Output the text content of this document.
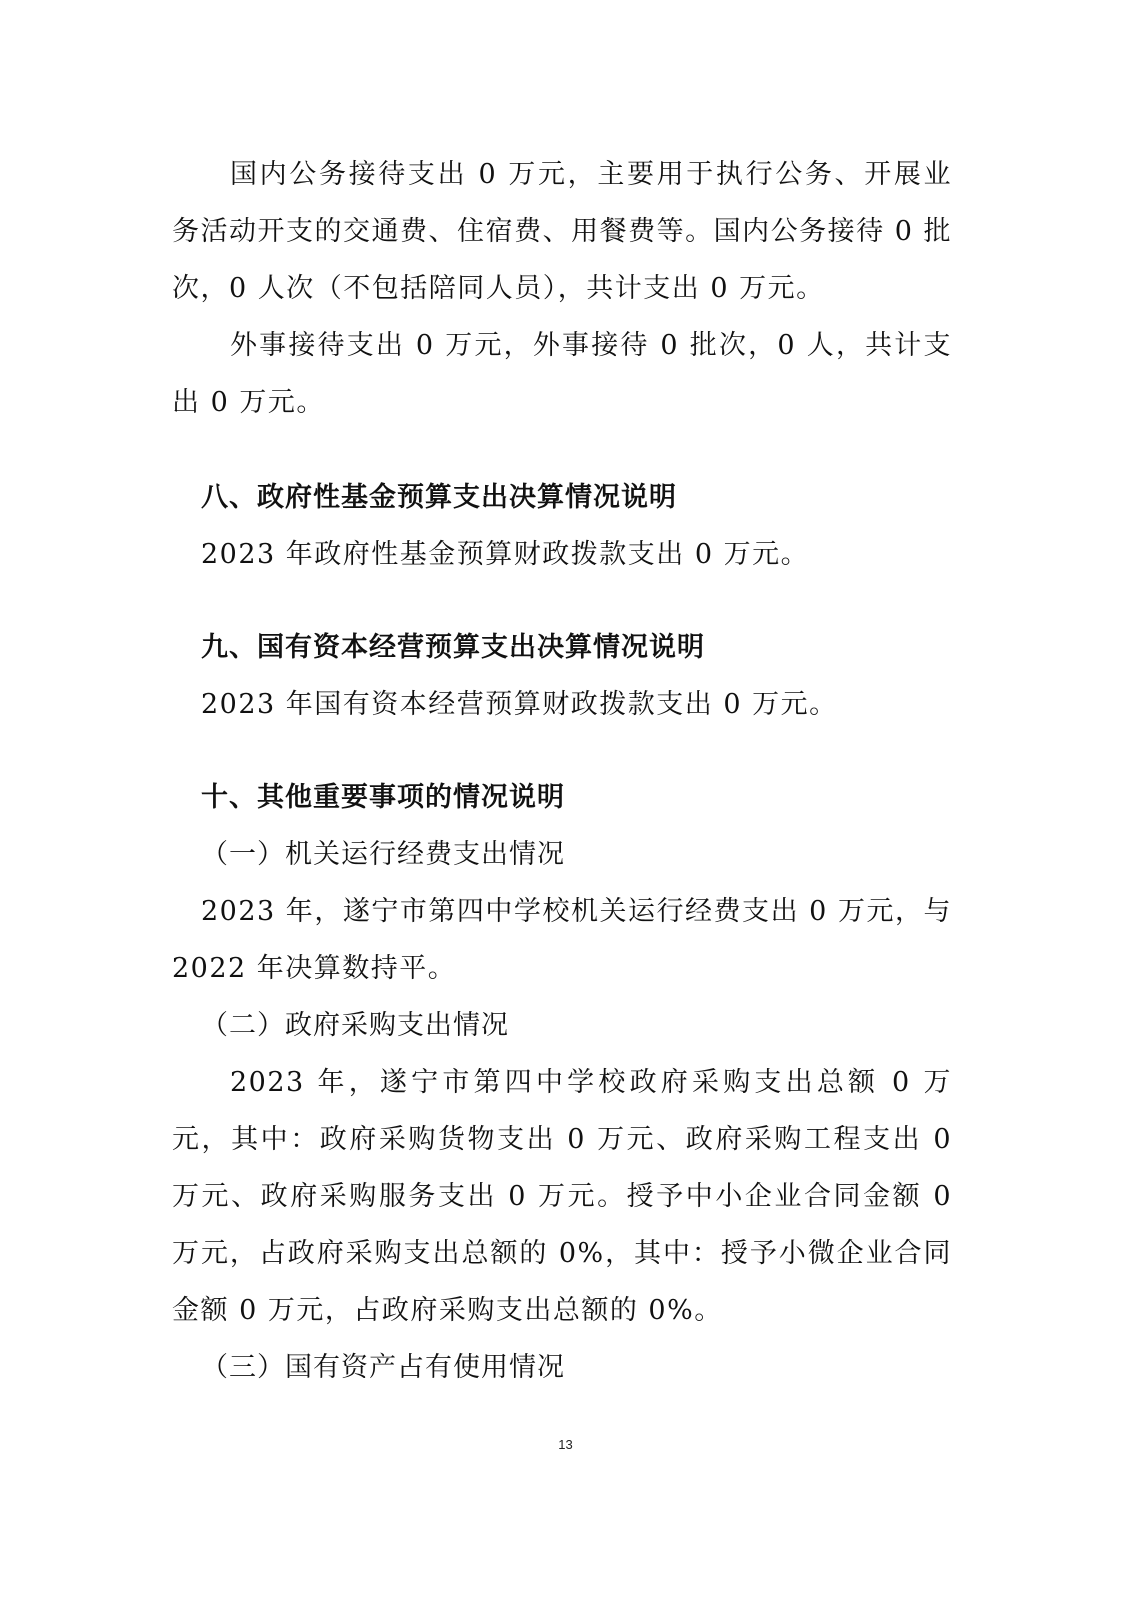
国内公务接待支出 0 万元，主要用于执行公务、开展业务活动开支的交通费、住宿费、用餐费等。国内公务接待 0 批次，0 人次（不包括陪同人员），共计支出 0 万元。

外事接待支出 0 万元，外事接待 0 批次，0 人，共计支出 0 万元。

八、政府性基金预算支出决算情况说明

2023 年政府性基金预算财政拨款支出 0 万元。

九、国有资本经营预算支出决算情况说明

2023 年国有资本经营预算财政拨款支出 0 万元。

十、其他重要事项的情况说明
（一）机关运行经费支出情况

2023 年，遂宁市第四中学校机关运行经费支出 0 万元，与 2022 年决算数持平。

（二）政府采购支出情况

2023 年，遂宁市第四中学校政府采购支出总额 0 万元，其中：政府采购货物支出 0 万元、政府采购工程支出 0 万元、政府采购服务支出 0 万元。授予中小企业合同金额 0 万元，占政府采购支出总额的 0%，其中：授予小微企业合同金额 0 万元，占政府采购支出总额的 0%。

（三）国有资产占有使用情况
13
